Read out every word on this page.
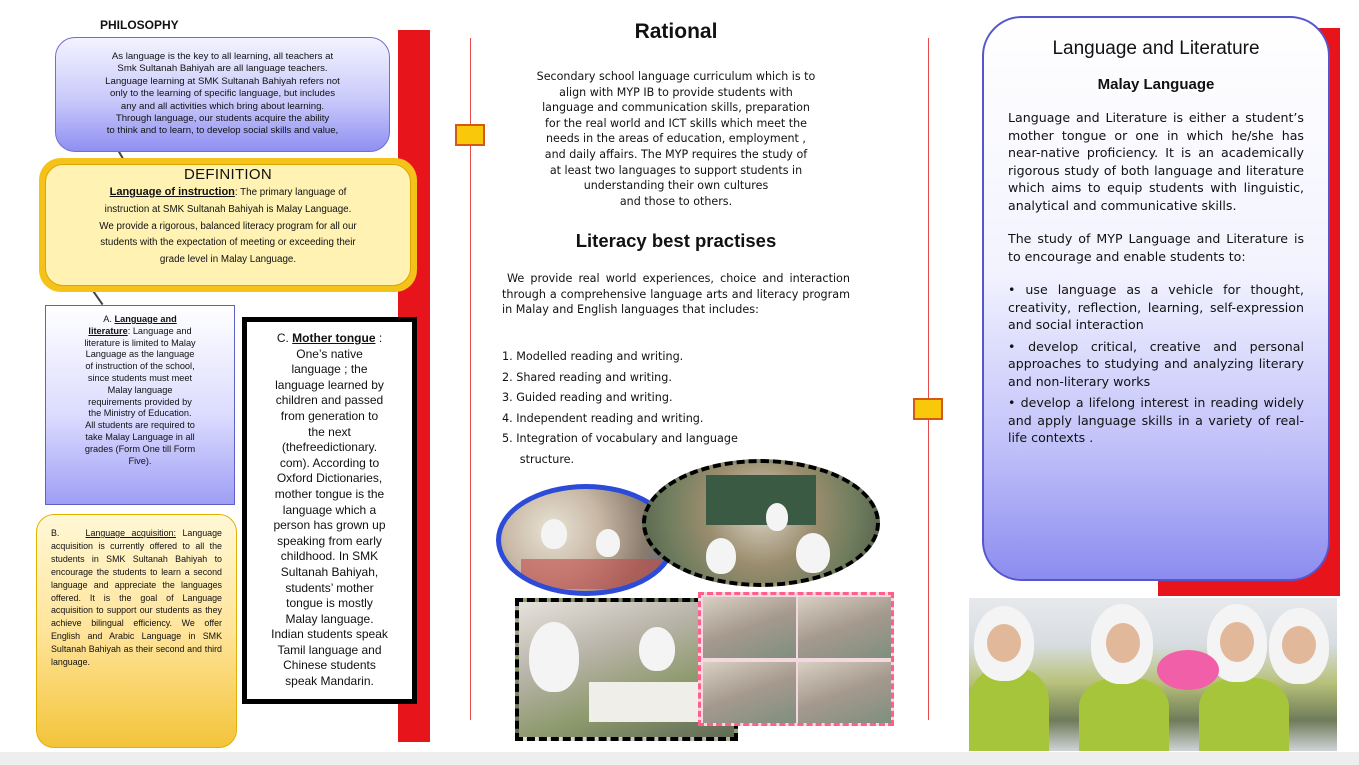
PHILOSOPHY
As language is the key to all learning, all teachers at
Smk Sultanah Bahiyah are all language teachers.
Language learning at SMK Sultanah Bahiyah refers not
only to the learning of specific language, but includes
any and all activities which bring about learning.
Through language, our students acquire the ability
to think and to learn, to develop social skills and value,
DEFINITION
Language of instruction: The primary language of
instruction at SMK Sultanah Bahiyah is Malay Language.
We provide a rigorous, balanced literacy program for all our
students with the expectation of meeting or exceeding their
grade level in Malay Language.
A. Language and
literature: Language and
literature is limited to Malay
Language as the language
of instruction of the school,
since students must meet
Malay language
requirements provided by
the Ministry of Education.
All students are required to
take Malay Language in all
grades (Form One till Form
Five).
B.	Language acquisition: Language acquisition is currently offered to all the students in SMK Sultanah Bahiyah to encourage the students to learn a second language and appreciate the languages offered. It is the goal of Language acquisition to support our students as they achieve bilingual efficiency. We offer English and Arabic Language in SMK Sultanah Bahiyah as their second and third language.
C. Mother tongue :
One’s native
language ; the
language learned by
children and passed
from generation to
the next
(thefreedictionary.
com). According to
Oxford Dictionaries,
mother tongue is the
language which a
person has grown up
speaking from early
childhood. In SMK
Sultanah Bahiyah,
students’ mother
tongue is mostly
Malay language.
Indian students speak
Tamil language and
Chinese students
speak Mandarin.
Rational
Secondary school language curriculum which is to
align with MYP IB to provide students with
language and communication skills, preparation
for the real world and ICT skills which meet the
needs in the areas of education, employment ,
and daily affairs. The MYP requires the study of
at least two languages to support students in
understanding their own cultures
and those to others.
Literacy best practises
We provide real world experiences, choice and interaction through a comprehensive language arts and literacy program in Malay and English languages that includes:
1. Modelled reading and writing.
2. Shared reading and writing.
3. Guided reading and writing.
4. Independent reading and writing.
5. Integration of vocabulary and language
structure.
Language and Literature
Malay Language
Language and Literature is either a student’s mother tongue or one in which he/she has near-native proficiency. It is an academically rigorous study of both language and literature which aims to equip students with linguistic, analytical and communicative skills.
The study of MYP Language and Literature is to encourage and enable students to:
• use language as a vehicle for thought, creativity, reflection, learning, self-expression and social interaction
• develop critical, creative and personal approaches to studying and analyzing literary and non-literary works
• develop a lifelong interest in reading widely and apply language skills in a variety of real-life contexts .
